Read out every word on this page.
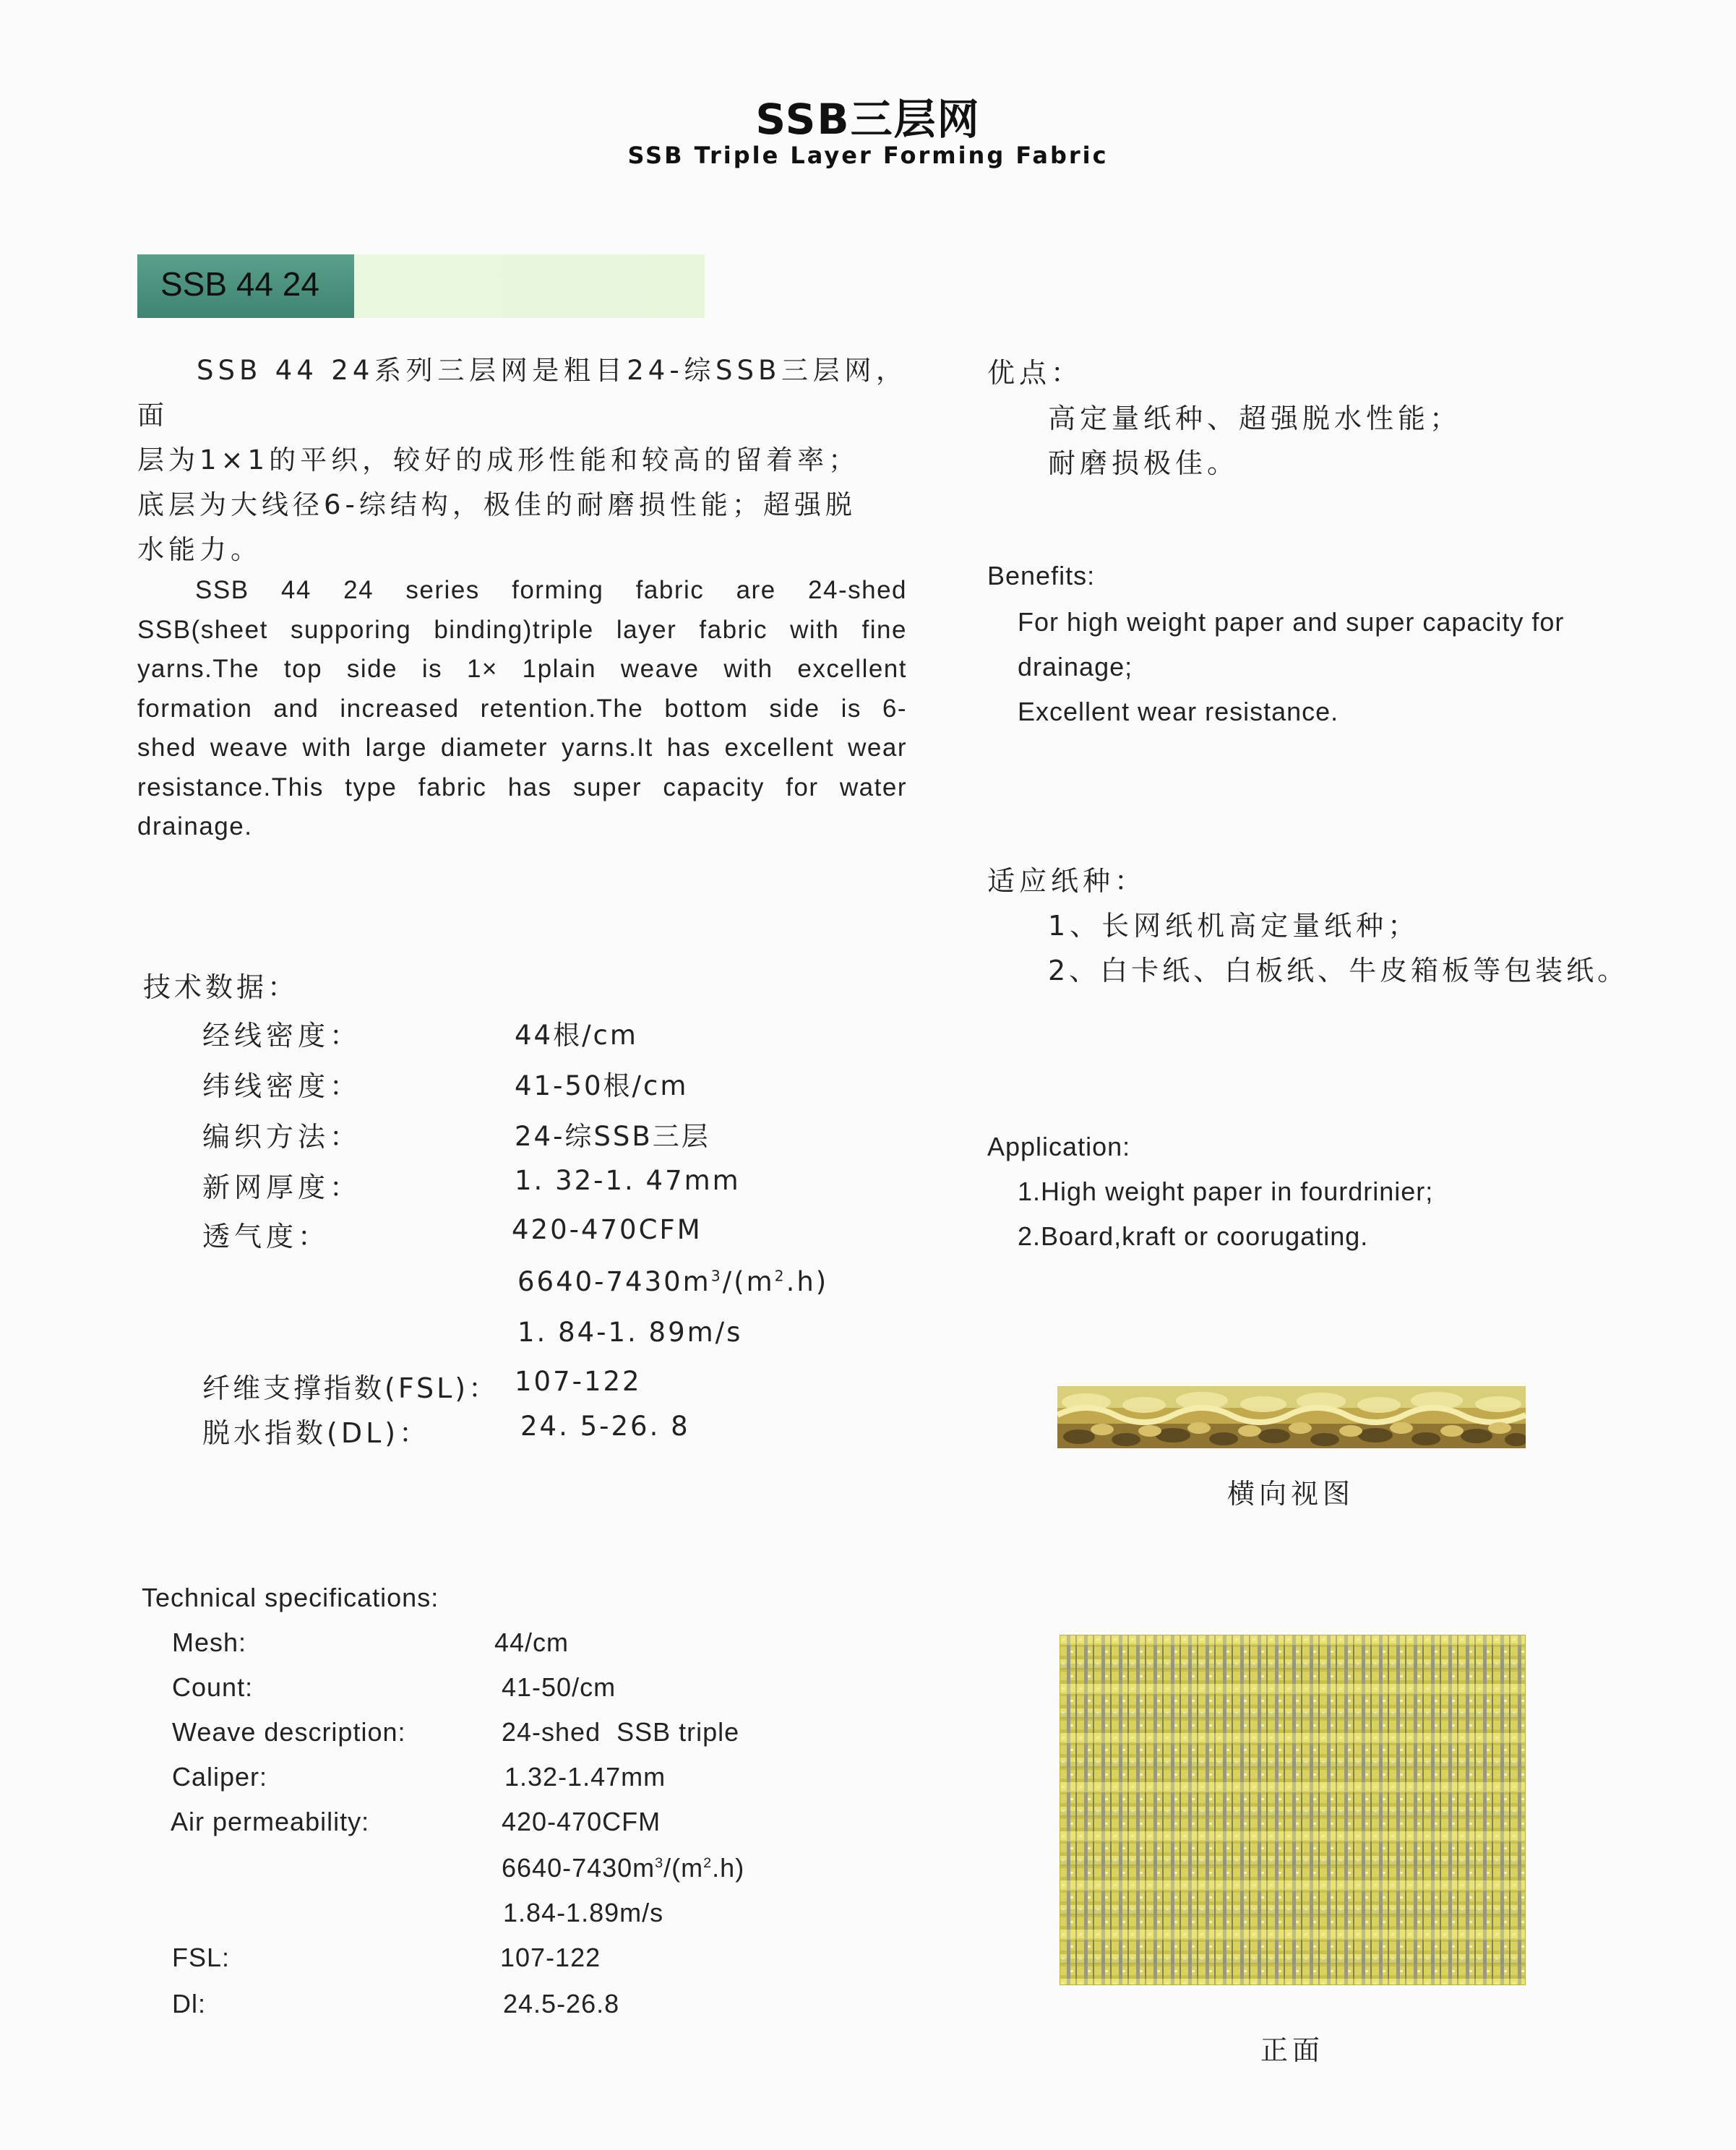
SSB三层网
SSB Triple Layer Forming Fabric
SSB 44 24
SSB 44 24系列三层网是粗目24-综SSB三层网，面
层为1×1的平织，较好的成形性能和较高的留着率；
底层为大线径6-综结构，极佳的耐磨损性能；超强脱
水能力。
SSB 44 24 series forming fabric are 24-shed
SSB(sheet supporing binding)triple layer fabric with fine
yarns.The top side is 1× 1plain weave with excellent
formation and increased retention.The bottom side is 6-
shed weave with large diameter yarns.It has excellent wear
resistance.This type fabric has super capacity for water
drainage.
技术数据：
经线密度：	44根/cm
纬线密度：	41-50根/cm
编织方法：	24-综SSB三层
新网厚度：	1. 32-1. 47mm
透气度：	420-470CFM
$6640-7430m^3/(m^2.h)$
1. 84-1. 89m/s
纤维支撑指数(FSL)： 107-122
脱水指数(DL)：	24. 5-26. 8
Technical specifications:
Mesh:	44/cm
Count:	41-50/cm
Weave description:	24-shed  SSB triple
Caliper:	1.32-1.47mm
Air permeability:	420-470CFM
$6640-7430m^3/(m^2.h)$
1.84-1.89m/s
FSL:	107-122
Dl:	24.5-26.8
优点：
高定量纸种、超强脱水性能；
耐磨损极佳。
Benefits:
For high weight paper and super capacity for
drainage;
Excellent wear resistance.
适应纸种：
1、长网纸机高定量纸种；
2、白卡纸、白板纸、牛皮箱板等包装纸。
Application:
1.High weight paper in fourdrinier;
2.Board,kraft or coorugating.
横向视图
正面
